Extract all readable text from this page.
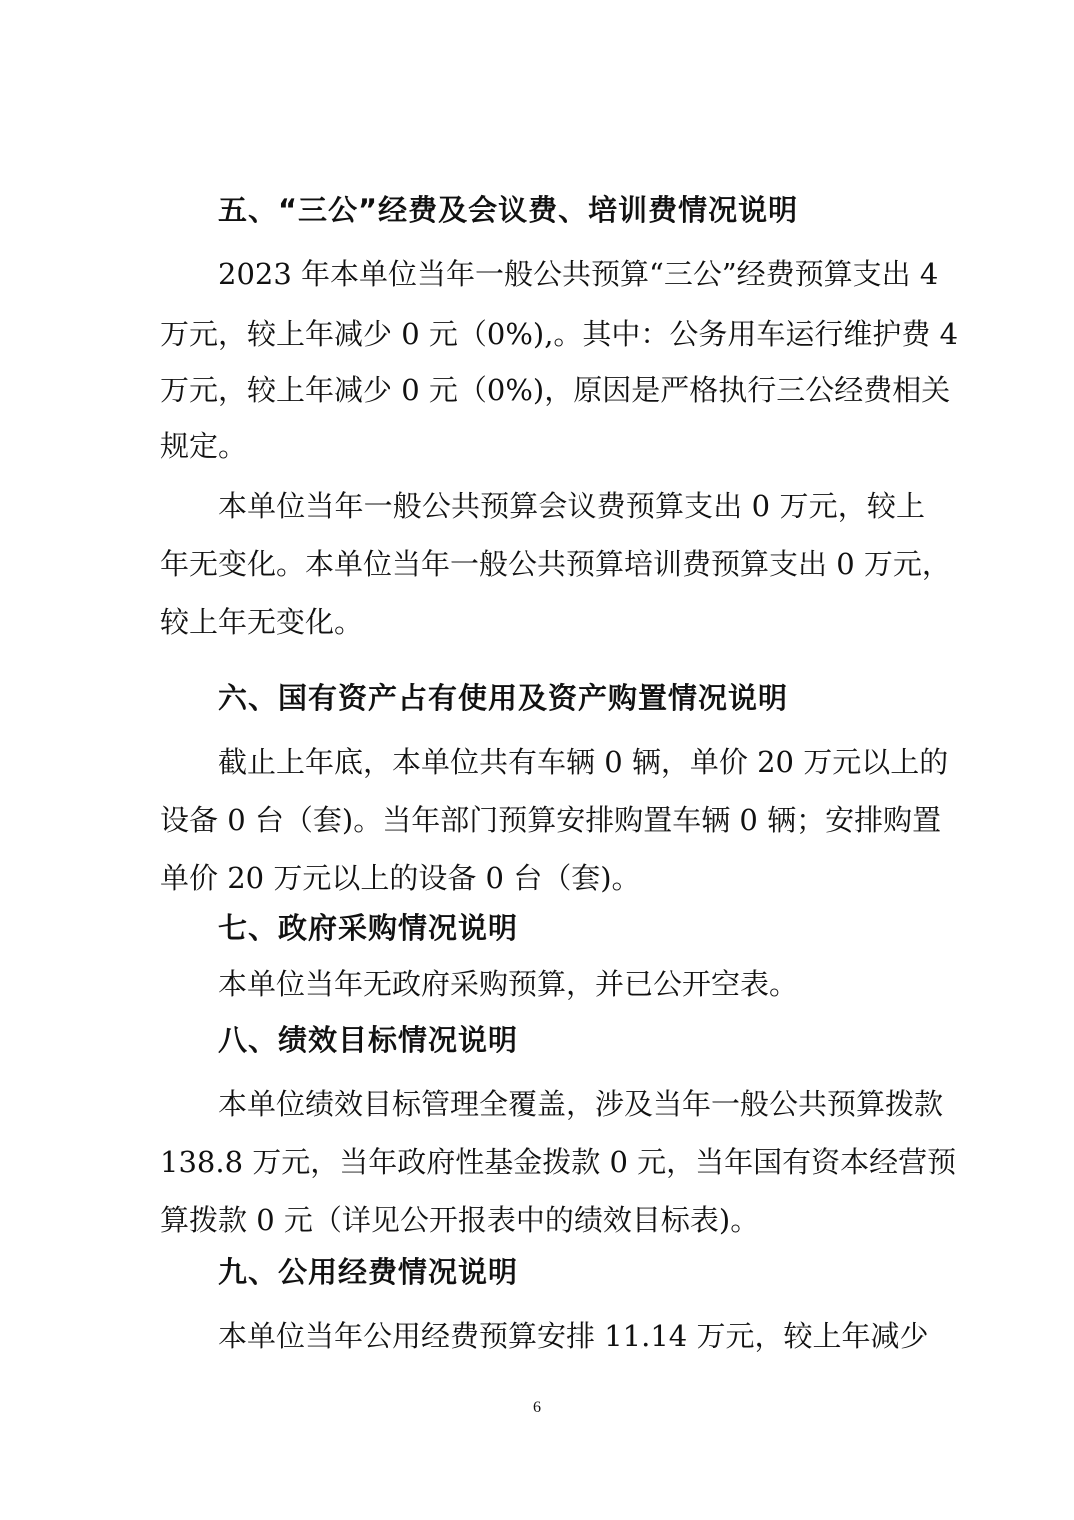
五、“三公”经费及会议费、培训费情况说明
2023 年本单位当年一般公共预算“三公”经费预算支出 4
万元，较上年减少 0 元（0%),。其中：公务用车运行维护费 4
万元，较上年减少 0 元（0%)，原因是严格执行三公经费相关
规定。
本单位当年一般公共预算会议费预算支出 0 万元，较上
年无变化。本单位当年一般公共预算培训费预算支出 0 万元，
较上年无变化。
六、国有资产占有使用及资产购置情况说明
截止上年底，本单位共有车辆 0 辆，单价 20 万元以上的
设备 0 台（套)。当年部门预算安排购置车辆 0 辆；安排购置
单价 20 万元以上的设备 0 台（套)。
七、政府采购情况说明
本单位当年无政府采购预算，并已公开空表。
八、绩效目标情况说明
本单位绩效目标管理全覆盖，涉及当年一般公共预算拨款
138.8 万元，当年政府性基金拨款 0 元，当年国有资本经营预
算拨款 0 元（详见公开报表中的绩效目标表)。
九、公用经费情况说明
本单位当年公用经费预算安排 11.14 万元，较上年减少
6
